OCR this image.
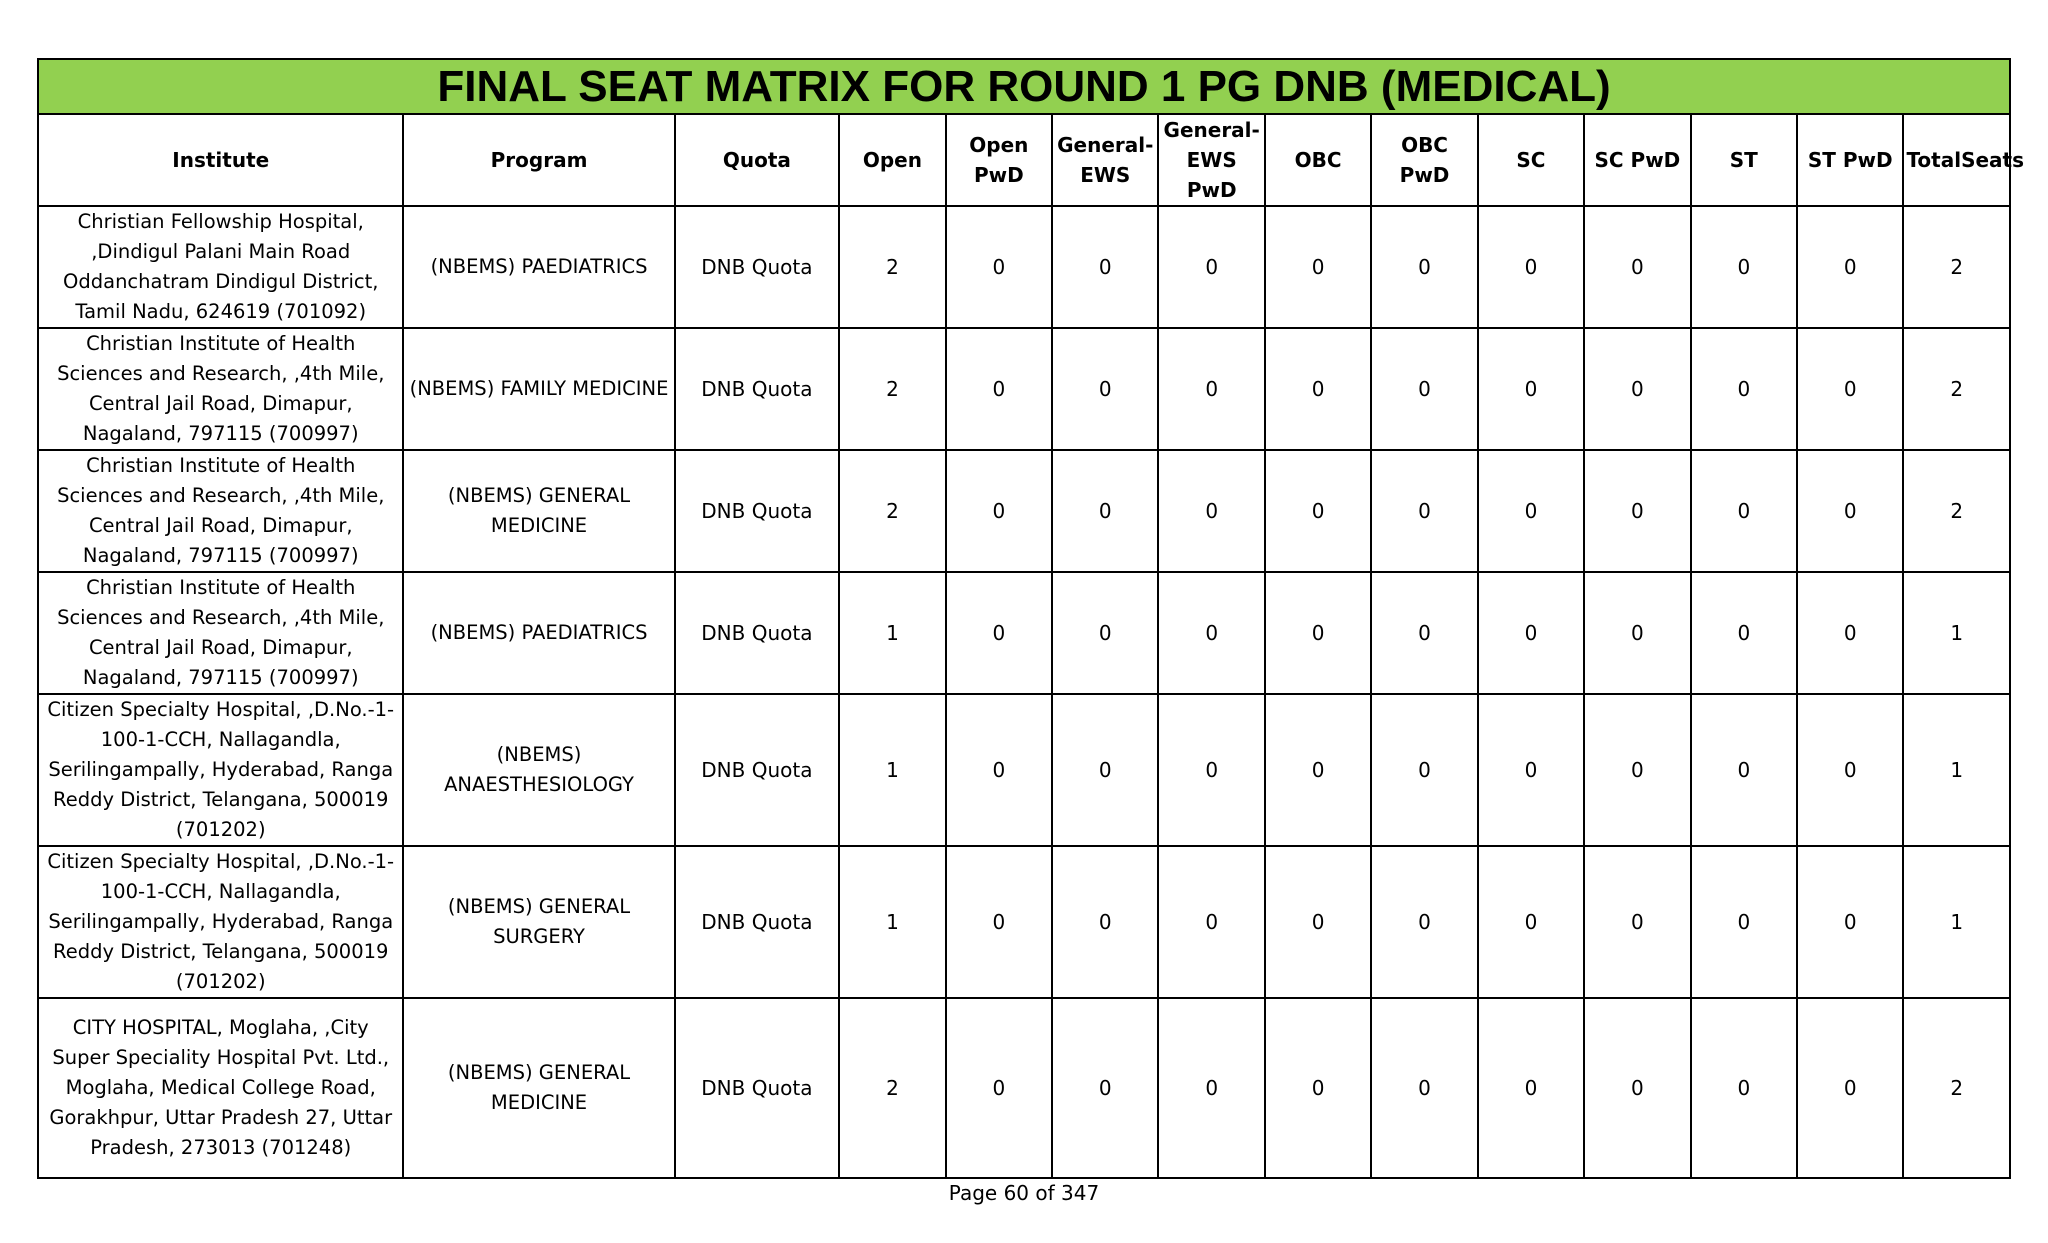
FINAL SEAT MATRIX FOR ROUND 1 PG DNB (MEDICAL)
Institute	Program	Quota	Open	Open PwD	General-EWS	General-EWS PwD	OBC	OBC PwD	SC	SC PwD	ST	ST PwD	TotalSeats
Christian Fellowship Hospital, ,Dindigul Palani Main Road Oddanchatram Dindigul District, Tamil Nadu, 624619 (701092)	(NBEMS) PAEDIATRICS	DNB Quota	2	0	0	0	0	0	0	0	0	0	2
Christian Institute of Health Sciences and Research, ,4th Mile, Central Jail Road, Dimapur, Nagaland, 797115 (700997)	(NBEMS) FAMILY MEDICINE	DNB Quota	2	0	0	0	0	0	0	0	0	0	2
Christian Institute of Health Sciences and Research, ,4th Mile, Central Jail Road, Dimapur, Nagaland, 797115 (700997)	(NBEMS) GENERAL MEDICINE	DNB Quota	2	0	0	0	0	0	0	0	0	0	2
Christian Institute of Health Sciences and Research, ,4th Mile, Central Jail Road, Dimapur, Nagaland, 797115 (700997)	(NBEMS) PAEDIATRICS	DNB Quota	1	0	0	0	0	0	0	0	0	0	1
Citizen Specialty Hospital, ,D.No.-1-100-1-CCH, Nallagandla, Serilingampally, Hyderabad, Ranga Reddy District, Telangana, 500019 (701202)	(NBEMS) ANAESTHESIOLOGY	DNB Quota	1	0	0	0	0	0	0	0	0	0	1
Citizen Specialty Hospital, ,D.No.-1-100-1-CCH, Nallagandla, Serilingampally, Hyderabad, Ranga Reddy District, Telangana, 500019 (701202)	(NBEMS) GENERAL SURGERY	DNB Quota	1	0	0	0	0	0	0	0	0	0	1
CITY HOSPITAL, Moglaha, ,City Super Speciality Hospital Pvt. Ltd., Moglaha, Medical College Road, Gorakhpur, Uttar Pradesh 27, Uttar Pradesh, 273013 (701248)	(NBEMS) GENERAL MEDICINE	DNB Quota	2	0	0	0	0	0	0	0	0	0	2
Page 60 of 347
